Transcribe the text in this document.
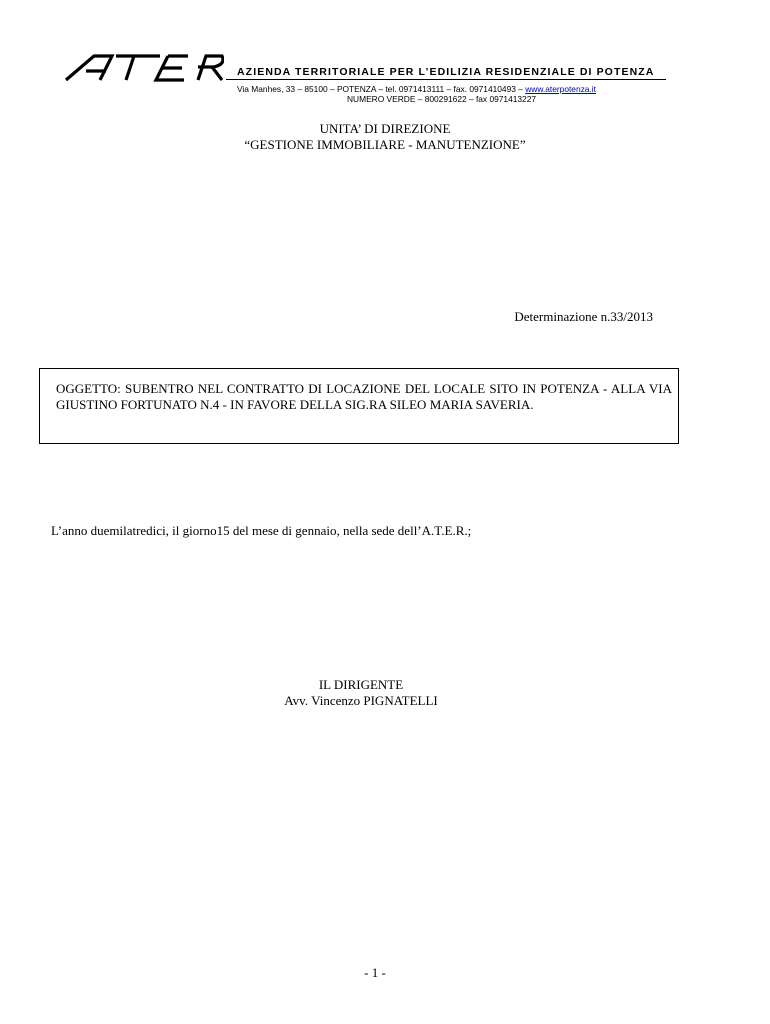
AZIENDA TERRITORIALE PER L’EDILIZIA RESIDENZIALE DI POTENZA
Via Manhes, 33 – 85100 – POTENZA – tel. 0971413111 – fax. 0971410493 – www.aterpotenza.it
NUMERO VERDE – 800291622 – fax 0971413227
UNITA’ DI DIREZIONE
“GESTIONE IMMOBILIARE - MANUTENZIONE”
Determinazione n.33/2013
OGGETTO: SUBENTRO NEL CONTRATTO DI LOCAZIONE DEL LOCALE SITO IN POTENZA - ALLA VIA GIUSTINO FORTUNATO N.4 - IN FAVORE DELLA SIG.RA SILEO MARIA SAVERIA.
L’anno duemilatredici, il giorno15 del mese di gennaio, nella sede dell’A.T.E.R.;
IL DIRIGENTE
Avv. Vincenzo PIGNATELLI
- 1 -
